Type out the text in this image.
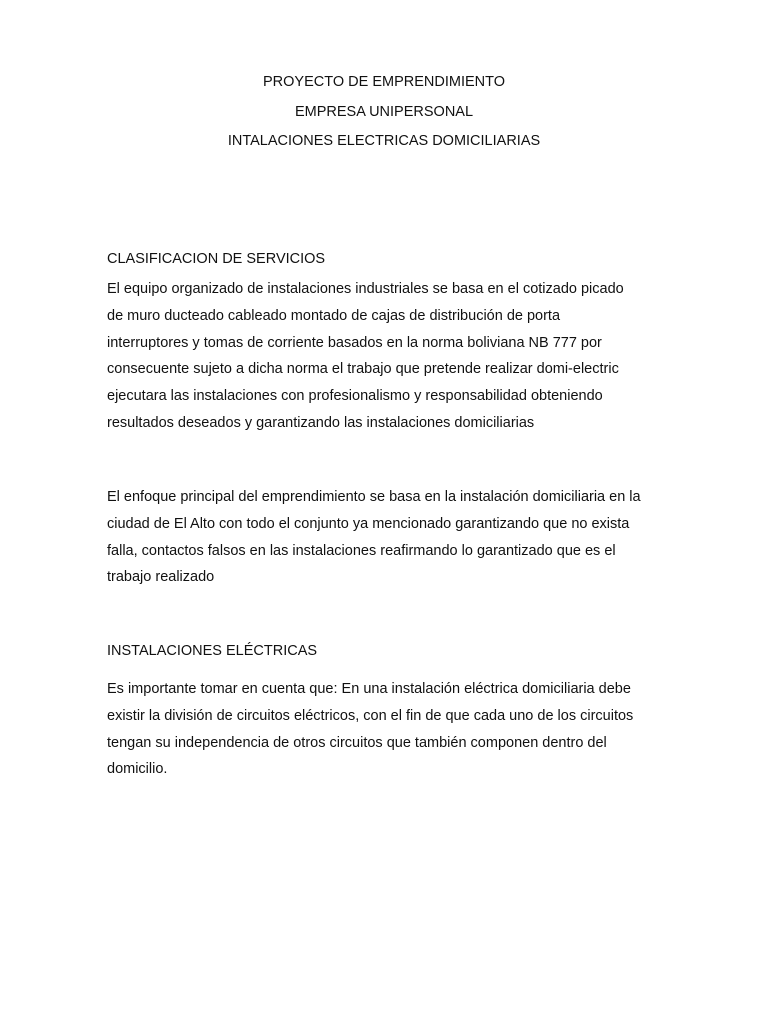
PROYECTO DE EMPRENDIMIENTO
EMPRESA UNIPERSONAL
INTALACIONES ELECTRICAS DOMICILIARIAS
CLASIFICACION DE SERVICIOS
El equipo organizado de instalaciones industriales se basa en el cotizado picado
de muro ducteado cableado montado de cajas de distribución de porta
interruptores y tomas de corriente basados en la norma boliviana NB 777 por
consecuente sujeto a dicha norma el trabajo que pretende realizar domi-electric
ejecutara las instalaciones con profesionalismo y responsabilidad obteniendo
resultados deseados y garantizando las instalaciones domiciliarias
El enfoque principal del emprendimiento se basa en la instalación domiciliaria en la
ciudad de El Alto con todo el conjunto ya mencionado garantizando que no exista
falla, contactos falsos en las instalaciones reafirmando lo garantizado que es el
trabajo realizado
INSTALACIONES ELÉCTRICAS
Es importante tomar en cuenta que: En una instalación eléctrica domiciliaria debe
existir la división de circuitos eléctricos, con el fin de que cada uno de los circuitos
tengan su independencia de otros circuitos que también componen dentro del
domicilio.
